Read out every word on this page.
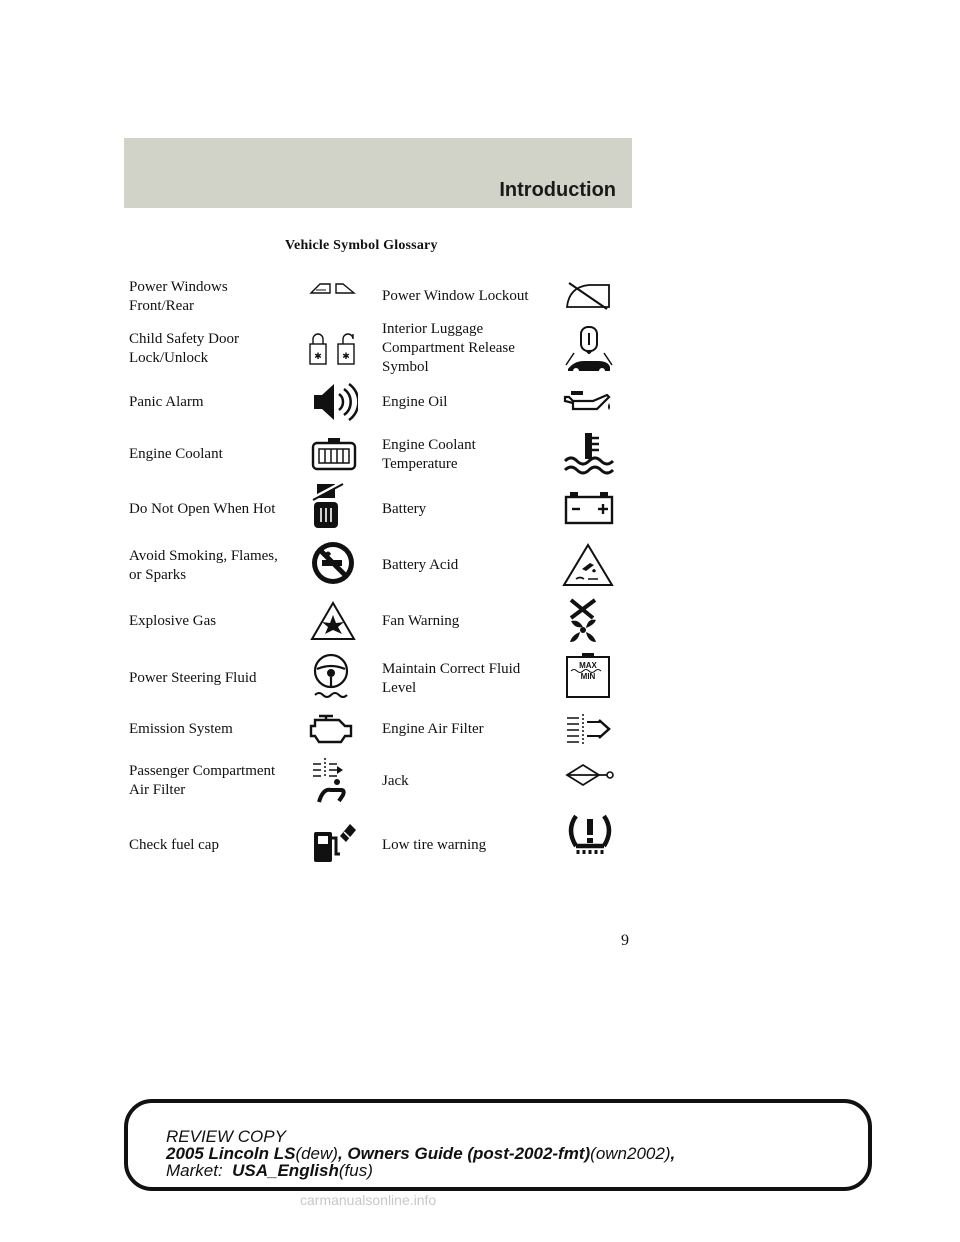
Introduction
Vehicle Symbol Glossary
Power Windows
Front/Rear
Child Safety Door
Lock/Unlock
Panic Alarm
Engine Coolant
Do Not Open When Hot
Avoid Smoking, Flames,
or Sparks
Explosive Gas
Power Steering Fluid
Emission System
Passenger Compartment
Air Filter
Check fuel cap
Power Window Lockout
Interior Luggage
Compartment Release
Symbol
Engine Oil
Engine Coolant
Temperature
Battery
Battery Acid
Fan Warning
Maintain Correct Fluid
Level
Engine Air Filter
Jack
Low tire warning
✱ ✱
MAX
MIN
9
REVIEW COPY
2005 Lincoln LS(dew), Owners Guide (post-2002-fmt)(own2002),
Market:  USA_English(fus)
carmanualsonline.info
